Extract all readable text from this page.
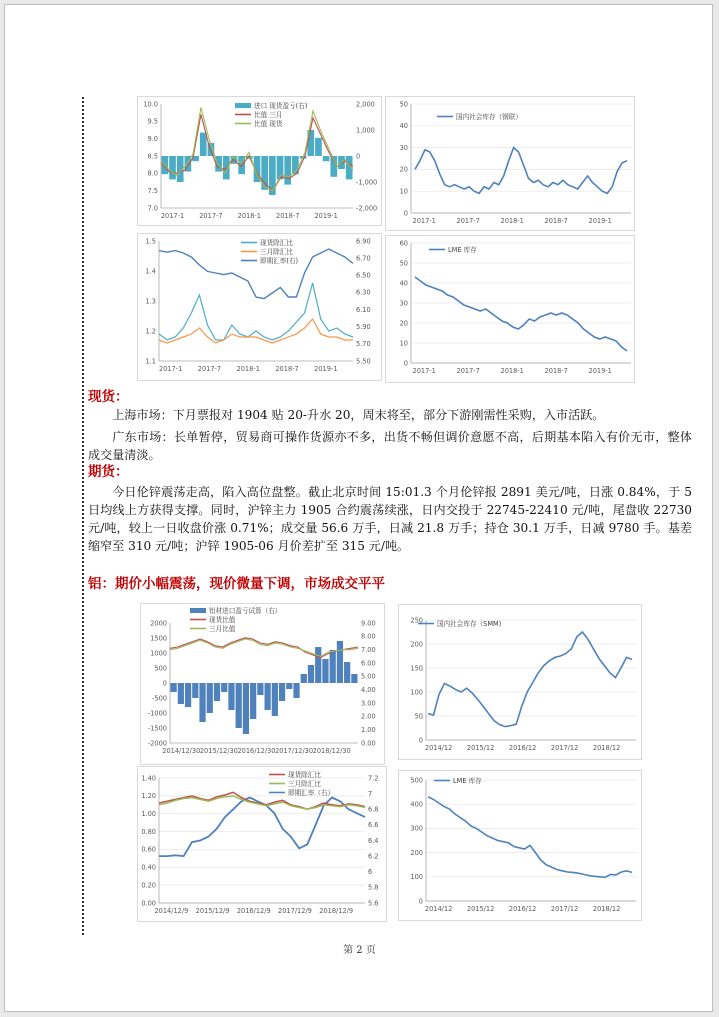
10.0
9.5
9.0
8.5
8.0
7.5
7.0
2,000
1,000
0
-1,000
-2,000
2017-1 2017-7 2018-1 2018-7 2019-1
进口 现货盈亏(右)
比值 三月
比值 现货
50
40
30
20
10
0
2017-1	2017-7	2018-1	2018-7	2019-1
国内社会库存（钢联）
1.5
1.4
1.3
1.2
1.1
6.90
6.70
6.50
6.30
6.10
5.90
5.70
5.50
2017-1 2017-7 2018-1 2018-7 2019-1
现货除汇比
三月除汇比
即期汇率(右)
60
50
40
30
20
10
0
2017-1	2017-7	2018-1	2018-7	2019-1
LME 库存
现货：

上海市场：下月票报对 1904 贴 20-升水 20，周末将至，部分下游刚需性采购，入市活跃。

广东市场：长单暂停，贸易商可操作货源亦不多，出货不畅但调价意愿不高，后期基本陷入有价无市，整体成交量清淡。

期货：

今日伦锌震荡走高，陷入高位盘整。截止北京时间 15:01.3 个月伦锌报 2891 美元/吨，日涨 0.84%，于 5 日均线上方获得支撑。同时，沪锌主力 1905 合约震荡续涨，日内交投于 22745-22410 元/吨，尾盘收 22730 元/吨，较上一日收盘价涨 0.71%；成交量 56.6 万手，日减 21.8 万手；持仓 30.1 万手，日减 9780 手。基差缩窄至 310 元/吨；沪锌 1905-06 月价差扩至 315 元/吨。

铝：期价小幅震荡，现价微量下调，市场成交平平
2000
1500
1000
500
0
-500
-1000
-1500
-2000
9.00
8.00
7.00
6.00
5.00
4.00
3.00
2.00
1.00
0.00
2014/12/30 2015/12/30 2016/12/30 2017/12/30 2018/12/30
铝材进口盈亏试算（右）
现货比值
三月比值
250
200
150
100
50
0
2014/12 2015/12 2016/12 2017/12 2018/12
国内社会库存（SMM)
1.40
1.20
1.00
0.80
0.60
0.40
0.20
0.00
7.2
7
6.8
6.6
6.4
6.2
6
5.8
5.6
2014/12/9 2015/12/9 2016/12/9 2017/12/9 2018/12/9
现货除汇比
三月除汇比
即期汇率（右）
500
400
300
200
100
0
2014/12 2015/12 2016/12 2017/12 2018/12
LME 库存
第 2 页
